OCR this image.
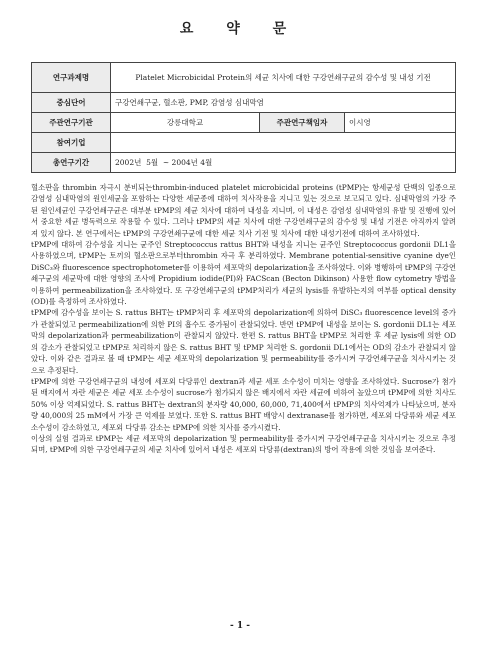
요 약 문
연구과제명	Platelet Microbicidal Protein의 세균 치사에 대한 구강연쇄구균의 감수성 및 내성 기전		
중심단어	구강연쇄구균, 혈소판, PMP, 감염성 심내막염		
주관연구기관	강릉대학교	주관연구책임자	이시영
참여기업			
총연구기간	2002년  5월  ~ 2004년 4월		

혈소판을 thrombin 자극시 분비되는thrombin-induced platelet microbicidal proteins (tPMP)는 항세균성 단백의 일종으로 감염성 심내막염의 원인세균을 포함하는 다양한 세균종에 대하여 치사작용을 지니고 있는 것으로 보고되고 있다. 심내막염의 가장 주된 원인세균인 구강연쇄구균은 대부분 tPMP의 세균 치사에 대하여 내성을 지니며, 이 내성은 감염성 심내막염의 유발 및 진행에 있어서 중요한 세균 병독력으로 작용할 수 있다. 그러나 tPMP의 세균 치사에 대한 구강연쇄구균의 감수성 및 내성 기전은 아직까지 알려져 있지 않다. 본 연구에서는 tPMP의 구강연쇄구균에 대한 세균 치사 기전 및 치사에 대한 내성기전에 대하여 조사하였다.

tPMP에 대하여 감수성을 지니는 균주인 Streptococcus rattus BHT와 내성을 지니는 균주인 Streptococcus gordonii DL1을 사용하였으며, tPMP는 토끼의 혈소판으로부터thrombin 자극 후 분리하였다. Membrane potential-sensitive cyanine dye인 DiSC₃와 fluorescence spectrophotometer를 이용하여 세포막의 depolarization을 조사하였다. 이와 병행하여 tPMP의 구강연쇄구균의 세균막에 대한 영향의 조사에 Propidium iodide(PI)와 FACScan (Becton Dikinson) 사용한 flow cytometry 방법을 이용하여 permeabilization을 조사하였다. 또 구강연쇄구균의 tPMP처리가 세균의 lysis를 유발하는지의 여부를 optical density (OD)를 측정하여 조사하였다.

tPMP에 감수성을 보이는 S. rattus BHT는 tPMP처리 후 세포막의 depolarization에 의하여 DiSC₃ fluorescence level의 증가가 관찰되었고 permeabilization에 의한 PI의 흡수도 증가됨이 관찰되었다. 반면 tPMP에 내성을 보이는 S. gordonii DL1는 세포막의 depolarization과 permeabilization이 관찰되지 않았다. 한편 S. rattus BHT을 tPMP로 처리한 후 세균 lysis에 의한 OD의 감소가 관찰되었고 tPMP로 처리하지 않은 S. rattus BHT 및 tPMP 처리한 S. gordonii DL1에서는 OD의 감소가 관찰되지 않았다. 이와 같은 결과로 볼 때 tPMP는 세균 세포막의 depolarization 및 permeability를 증가시켜 구강연쇄구균을 치사시키는 것으로 추정된다.

tPMP에 의한 구강연쇄구균의 내성에 세포외 다당류인 dextran과 세균 세포 소수성이 미치는 영향을 조사하였다. Sucrose가 첨가된 배지에서 자란 세균은 세균 세포 소수성이 sucrose가 첨가되지 않은 배지에서 자란 세균에 비하여 높았으며 tPMP에 의한 치사도 50% 이상 억제되었다. S. rattus BHT는 dextran의 분자량 40,000, 60,000, 71,400에서 tPMP의 치사억제가 나타났으며, 분자량 40,000의 25 mM에서 가장 큰 억제를 보였다. 또한 S. rattus BHT 배양시 dextranase를 첨가하면, 세포외 다당류와 세균 세포 소수성이 감소하였고, 세포외 다당류 감소는 tPMP에 의한 치사를 증가시켰다.

이상의 실험 결과로 tPMP는 세균 세포막의 depolarization 및 permeability를 증가시켜 구강연쇄구균을 치사시키는 것으로 추정되며, tPMP에 의한 구강연쇄구균의 세균 치사에 있어서 내성은 세포외 다당류(dextran)의 방어 작용에 의한 것임을 보여준다.

- 1 -
